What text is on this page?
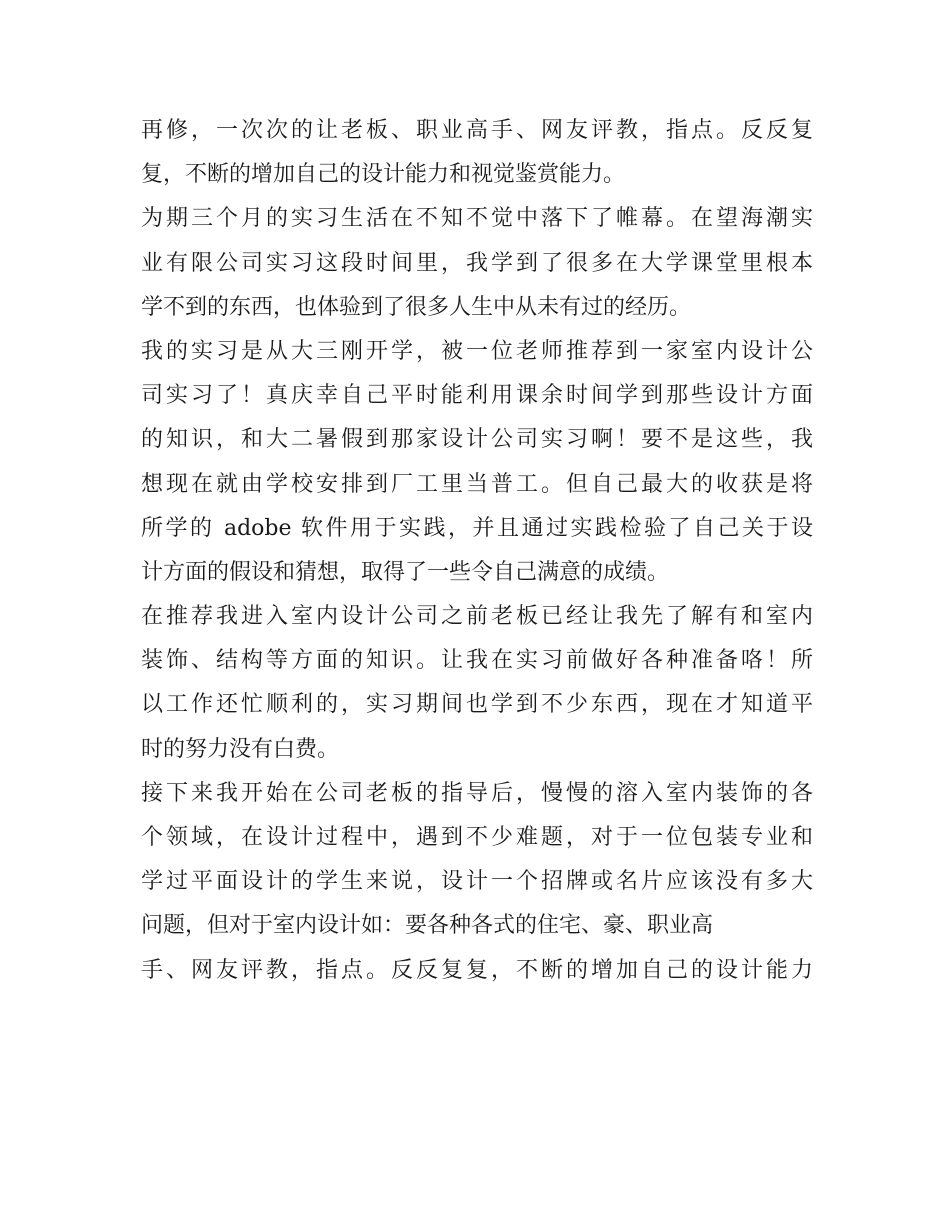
再修，一次次的让老板、职业高手、网友评教，指点。反反复
复，不断的增加自己的设计能力和视觉鉴赏能力。
为期三个月的实习生活在不知不觉中落下了帷幕。在望海潮实
业有限公司实习这段时间里，我学到了很多在大学课堂里根本
学不到的东西，也体验到了很多人生中从未有过的经历。
我的实习是从大三刚开学，被一位老师推荐到一家室内设计公
司实习了！真庆幸自己平时能利用课余时间学到那些设计方面
的知识，和大二暑假到那家设计公司实习啊！要不是这些，我
想现在就由学校安排到厂工里当普工。但自己最大的收获是将
所学的 adobe 软件用于实践，并且通过实践检验了自己关于设
计方面的假设和猜想，取得了一些令自己满意的成绩。
在推荐我进入室内设计公司之前老板已经让我先了解有和室内
装饰、结构等方面的知识。让我在实习前做好各种准备咯！所
以工作还忙顺利的，实习期间也学到不少东西，现在才知道平
时的努力没有白费。
接下来我开始在公司老板的指导后，慢慢的溶入室内装饰的各
个领域，在设计过程中，遇到不少难题，对于一位包装专业和
学过平面设计的学生来说，设计一个招牌或名片应该没有多大
问题，但对于室内设计如：要各种各式的住宅、豪、职业高
手、网友评教，指点。反反复复，不断的增加自己的设计能力
